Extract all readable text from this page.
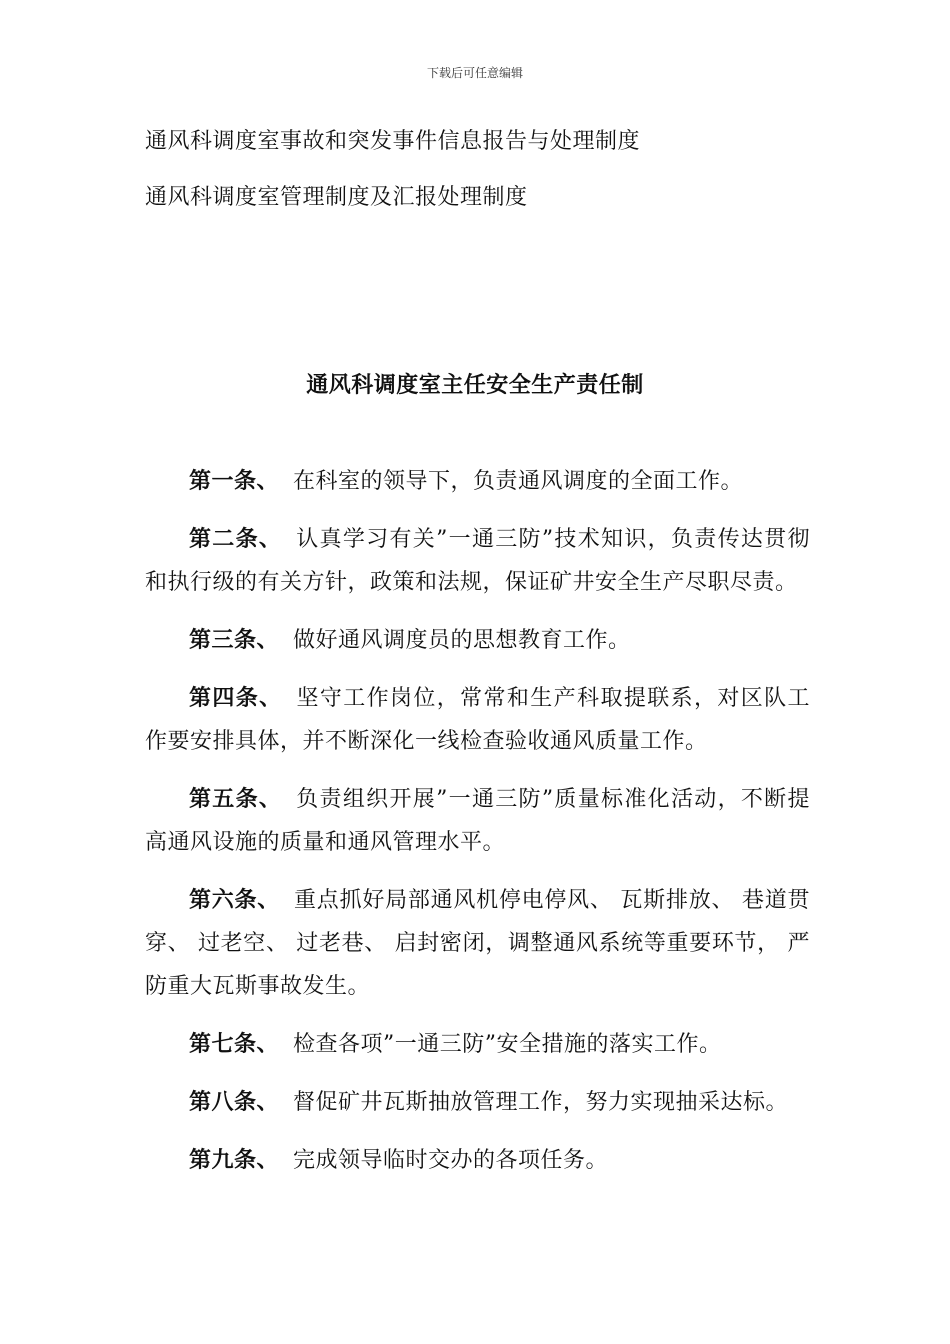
下载后可任意编辑
通风科调度室事故和突发事件信息报告与处理制度
通风科调度室管理制度及汇报处理制度
通风科调度室主任安全生产责任制

第一条、 在科室的领导下，负责通风调度的全面工作。

第二条、 认真学习有关”一通三防”技术知识，负责传达贯彻和执行级的有关方针，政策和法规，保证矿井安全生产尽职尽责。

第三条、 做好通风调度员的思想教育工作。

第四条、 坚守工作岗位，常常和生产科取提联系，对区队工作要安排具体，并不断深化一线检查验收通风质量工作。

第五条、 负责组织开展”一通三防”质量标准化活动，不断提高通风设施的质量和通风管理水平。

第六条、 重点抓好局部通风机停电停风、 瓦斯排放、 巷道贯穿、 过老空、 过老巷、 启封密闭，调整通风系统等重要环节， 严防重大瓦斯事故发生。

第七条、 检查各项”一通三防”安全措施的落实工作。

第八条、 督促矿井瓦斯抽放管理工作，努力实现抽采达标。

第九条、 完成领导临时交办的各项任务。
